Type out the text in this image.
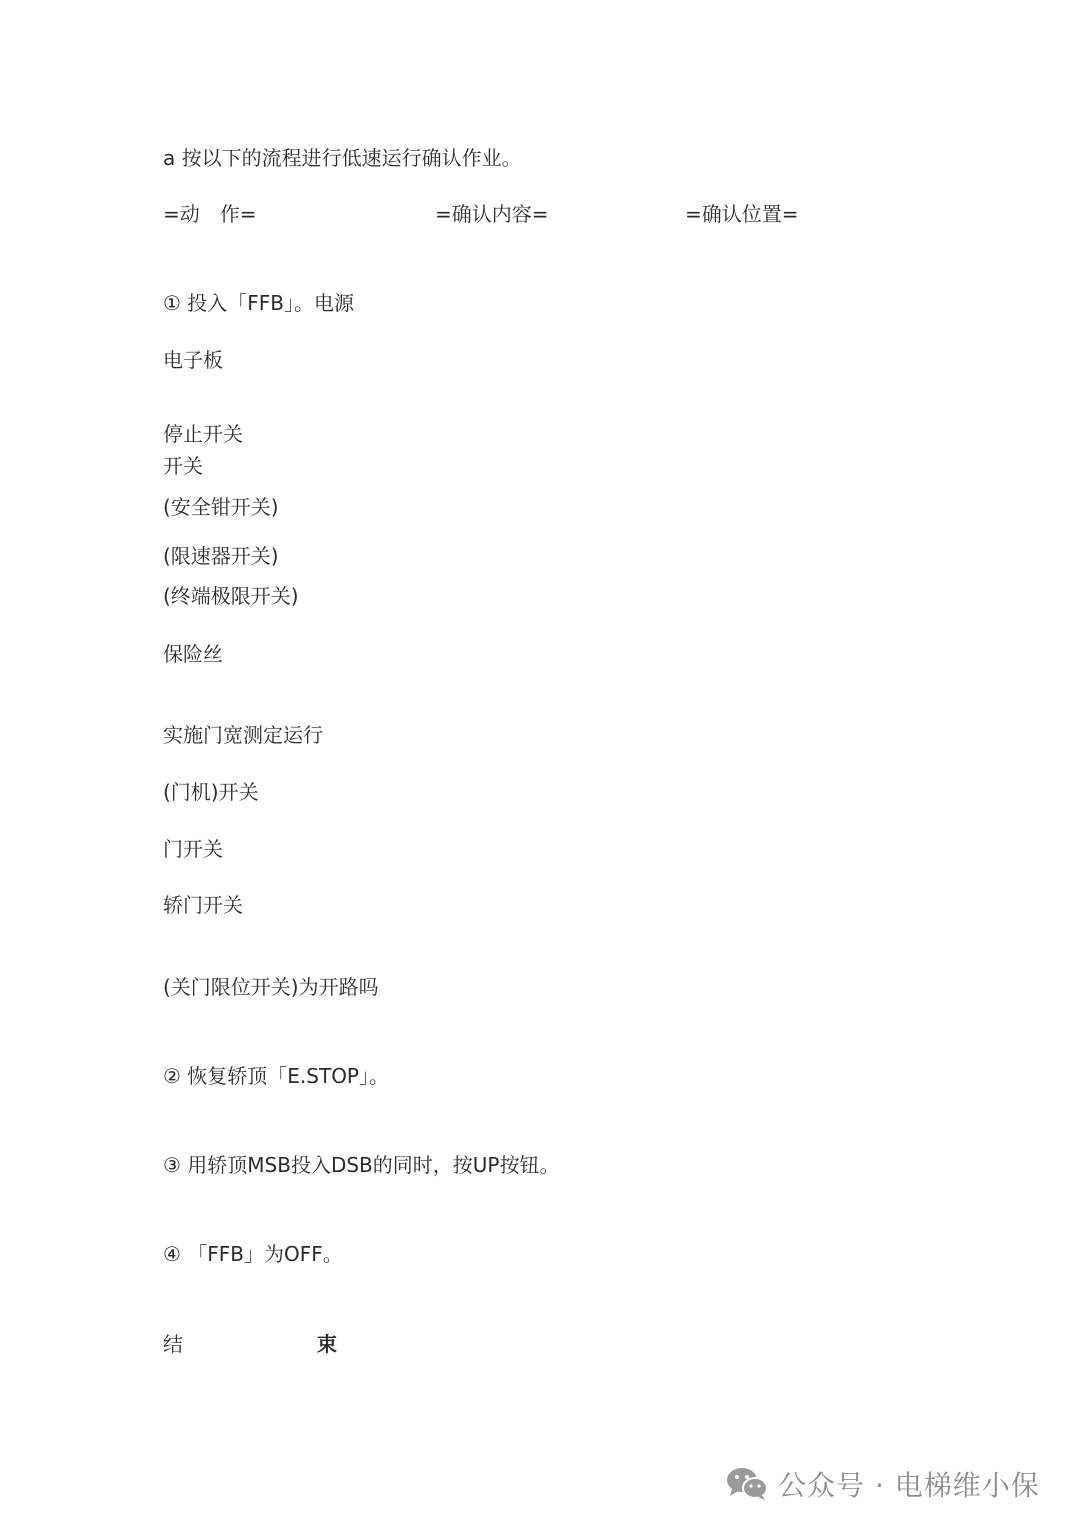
a 按以下的流程进行低速运行确认作业。
=动　作=	=确认内容=	=确认位置=
① 投入「FFB」。电源
电子板
停止开关
开关
(安全钳开关)
(限速器开关)
(终端极限开关)
保险丝
实施门宽测定运行
(门机)开关
门开关
轿门开关
(关门限位开关)为开路吗
② 恢复轿顶「E.STOP」。
③ 用轿顶MSB投入DSB的同时，按UP按钮。
④ 「FFB」为OFF。
结	束
公众号 · 电梯维小保
